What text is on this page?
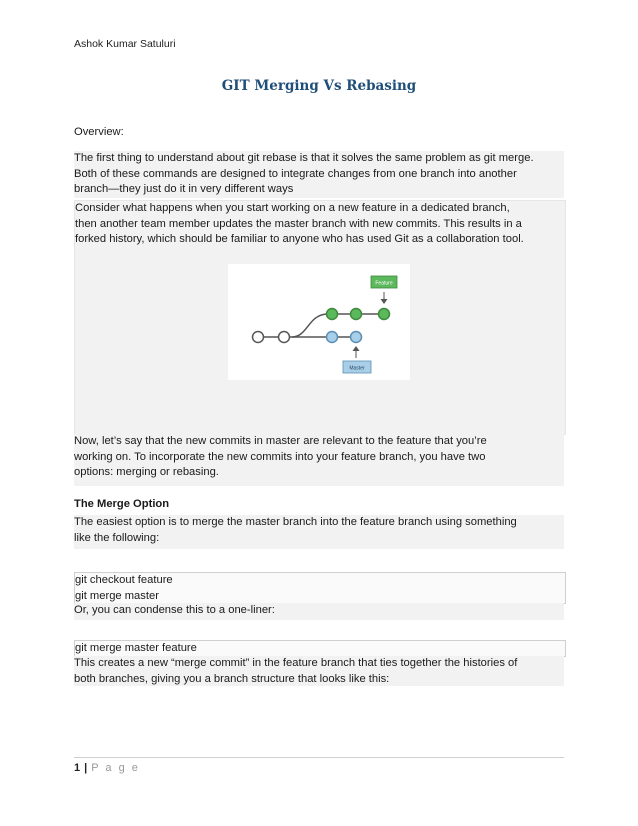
Ashok Kumar Satuluri
GIT Merging Vs Rebasing
Overview:
The first thing to understand about git rebase is that it solves the same problem as git merge.
Both of these commands are designed to integrate changes from one branch into another
branch—they just do it in very different ways
Consider what happens when you start working on a new feature in a dedicated branch,
then another team member updates the master branch with new commits. This results in a
forked history, which should be familiar to anyone who has used Git as a collaboration tool.
Feature
Master
Now, let’s say that the new commits in master are relevant to the feature that you’re
working on. To incorporate the new commits into your feature branch, you have two
options: merging or rebasing.
The Merge Option
The easiest option is to merge the master branch into the feature branch using something
like the following:
git checkout feature
git merge master
Or, you can condense this to a one-liner:
git merge master feature
This creates a new “merge commit” in the feature branch that ties together the histories of
both branches, giving you a branch structure that looks like this:
1 | P a g e
